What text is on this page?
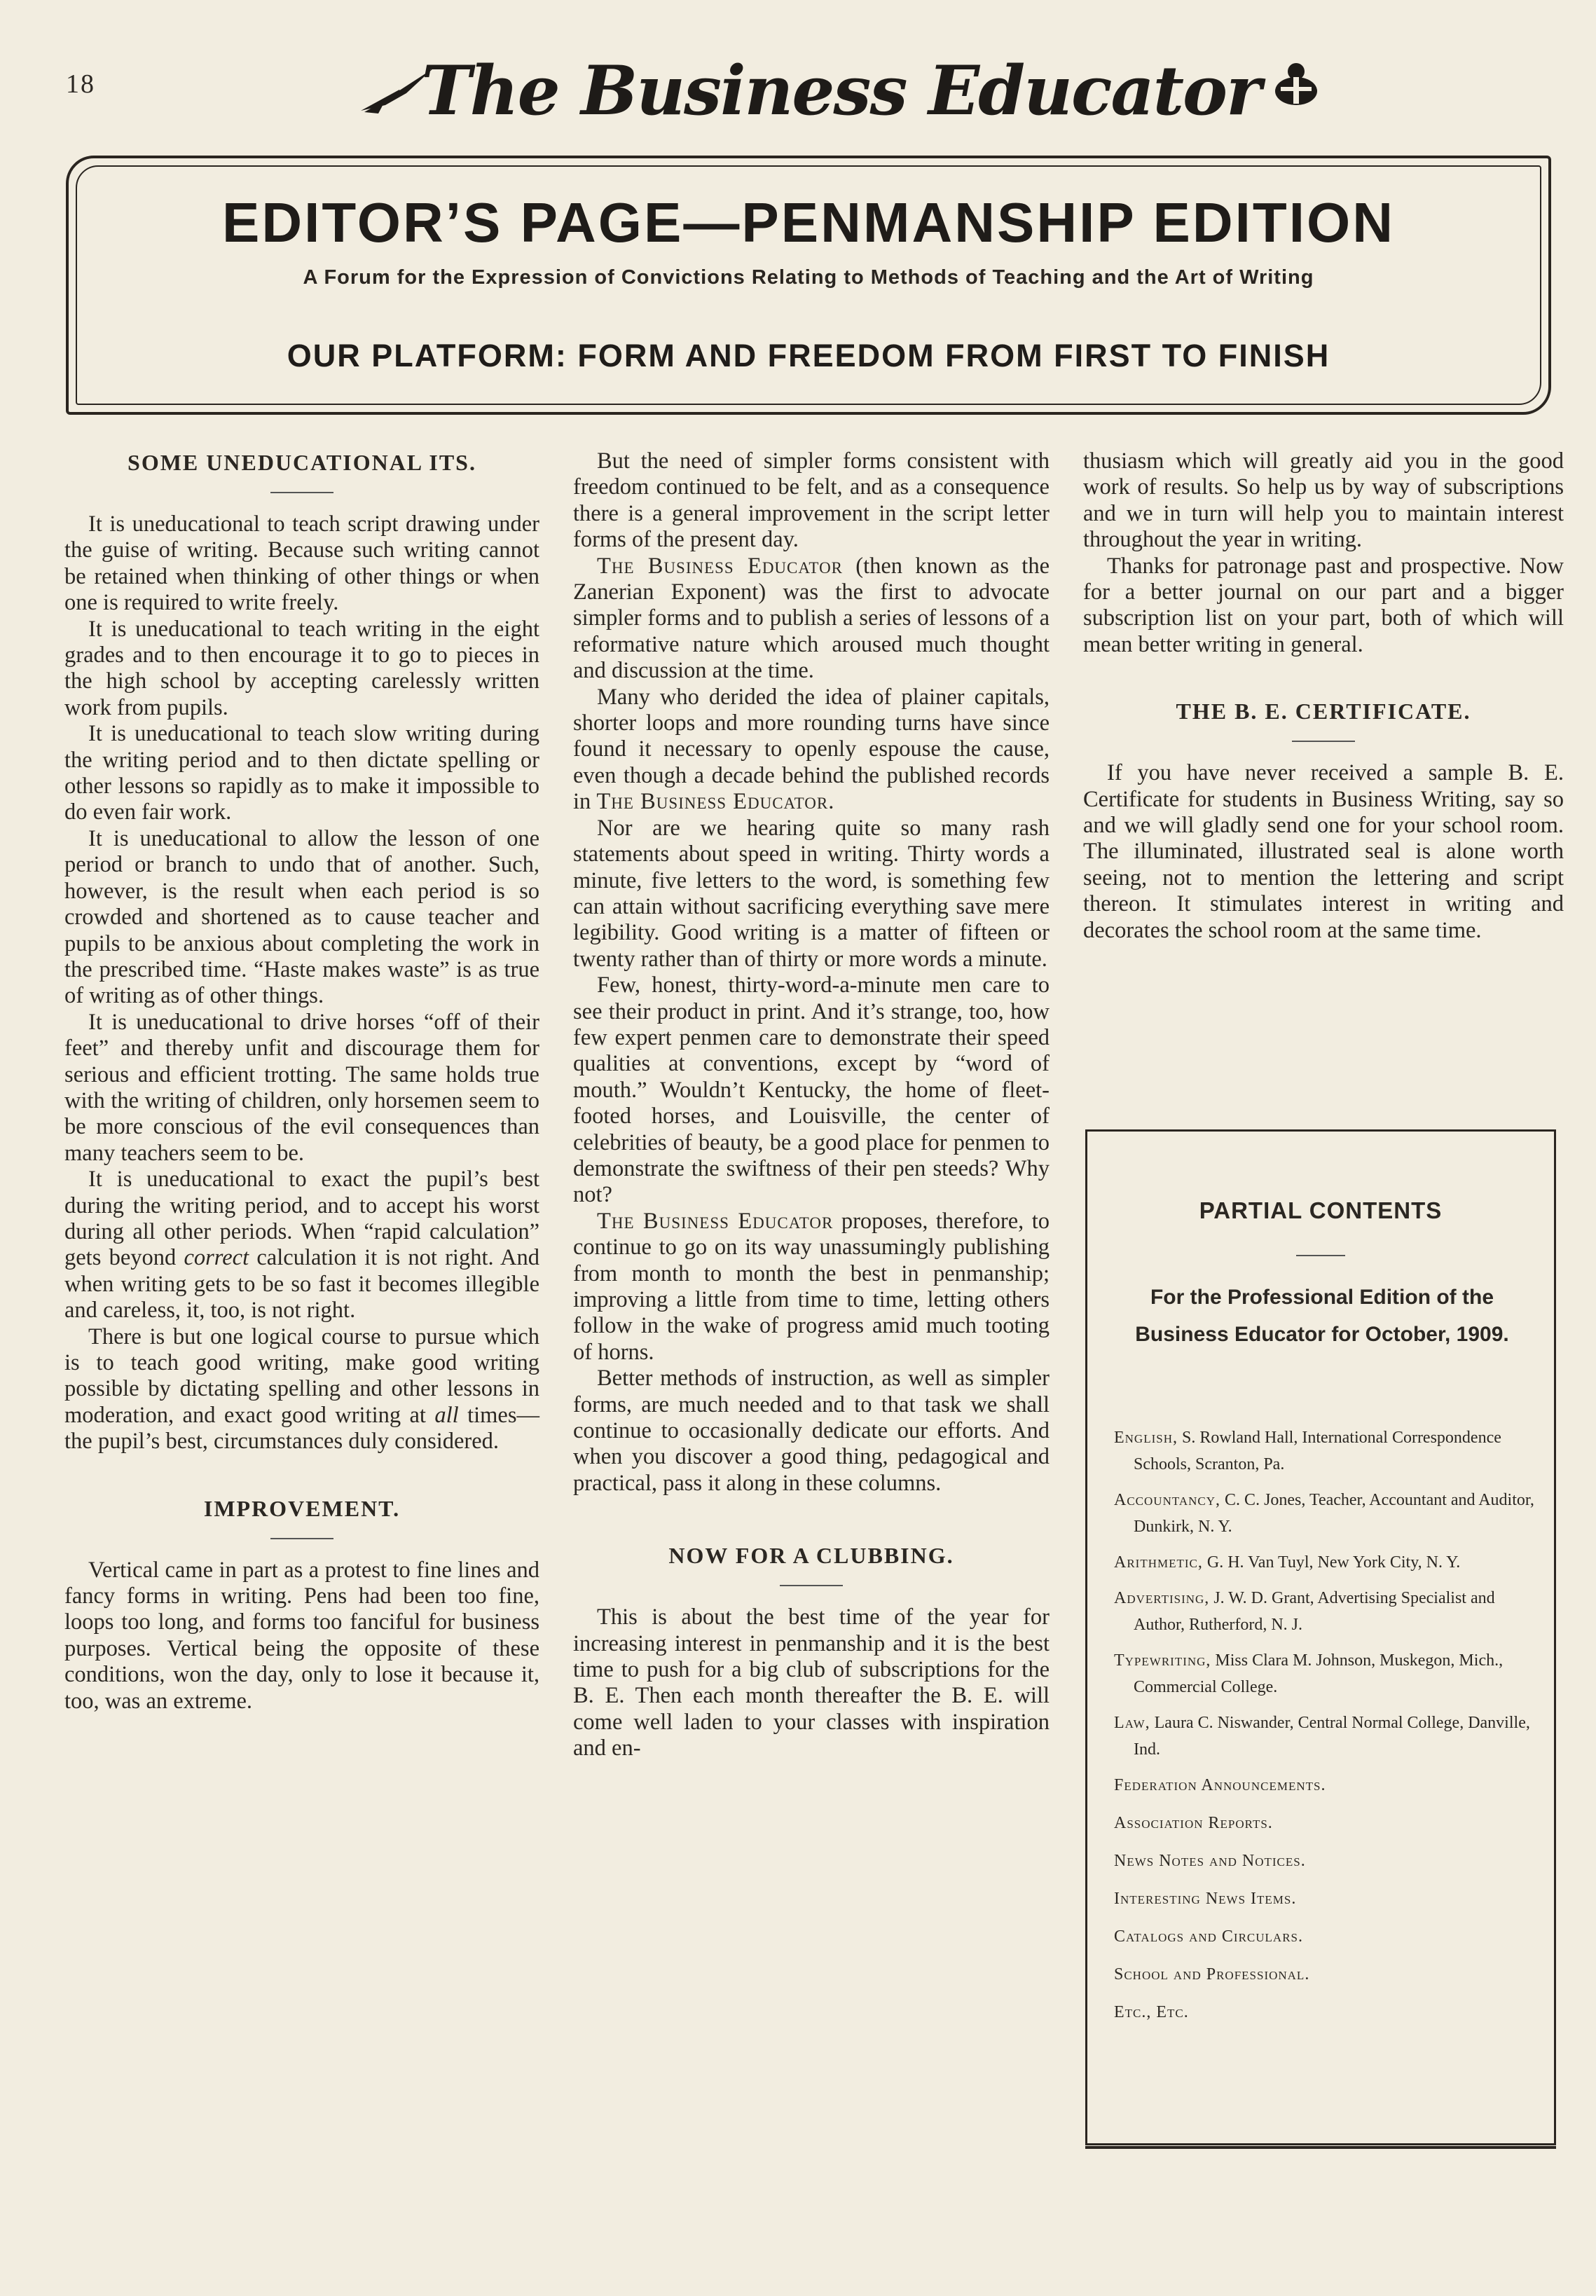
18	The Business Educator
EDITOR’S PAGE—PENMANSHIP EDITION
A Forum for the Expression of Convictions Relating to Methods of Teaching and the Art of Writing
OUR PLATFORM: FORM AND FREEDOM FROM FIRST TO FINISH
SOME UNEDUCATIONAL ITS.

It is uneducational to teach script drawing under the guise of writing. Because such writing cannot be retained when thinking of other things or when one is required to write freely.

It is uneducational to teach writing in the eight grades and to then encourage it to go to pieces in the high school by accepting carelessly written work from pupils.

It is uneducational to teach slow writing during the writing period and to then dictate spelling or other lessons so rapidly as to make it impossible to do even fair work.

It is uneducational to allow the lesson of one period or branch to undo that of another. Such, however, is the result when each period is so crowded and shortened as to cause teacher and pupils to be anxious about completing the work in the prescribed time. “Haste makes waste” is as true of writing as of other things.

It is uneducational to drive horses “off of their feet” and thereby unfit and discourage them for serious and efficient trotting. The same holds true with the writing of children, only horsemen seem to be more conscious of the evil consequences than many teachers seem to be.

It is uneducational to exact the pupil’s best during the writing period, and to accept his worst during all other periods. When “rapid calculation” gets beyond correct calculation it is not right. And when writing gets to be so fast it becomes illegible and careless, it, too, is not right.

There is but one logical course to pursue which is to teach good writing, make good writing possible by dictating spelling and other lessons in moderation, and exact good writing at all times—the pupil’s best, circumstances duly considered.

IMPROVEMENT.

Vertical came in part as a protest to fine lines and fancy forms in writing. Pens had been too fine, loops too long, and forms too fanciful for business purposes. Vertical being the opposite of these conditions, won the day, only to lose it because it, too, was an extreme.

But the need of simpler forms consistent with freedom continued to be felt, and as a consequence there is a general improvement in the script letter forms of the present day.

The Business Educator (then known as the Zanerian Exponent) was the first to advocate simpler forms and to publish a series of lessons of a reformative nature which aroused much thought and discussion at the time.

Many who derided the idea of plainer capitals, shorter loops and more rounding turns have since found it necessary to openly espouse the cause, even though a decade behind the published records in The Business Educator.

Nor are we hearing quite so many rash statements about speed in writing. Thirty words a minute, five letters to the word, is something few can attain without sacrificing everything save mere legibility. Good writing is a matter of fifteen or twenty rather than of thirty or more words a minute.

Few, honest, thirty-word-a-minute men care to see their product in print. And it’s strange, too, how few expert penmen care to demonstrate their speed qualities at conventions, except by “word of mouth.” Wouldn’t Kentucky, the home of fleet-footed horses, and Louisville, the center of celebrities of beauty, be a good place for penmen to demonstrate the swiftness of their pen steeds? Why not?

The Business Educator proposes, therefore, to continue to go on its way unassumingly publishing from month to month the best in penmanship; improving a little from time to time, letting others follow in the wake of progress amid much tooting of horns.

Better methods of instruction, as well as simpler forms, are much needed and to that task we shall continue to occasionally dedicate our efforts. And when you discover a good thing, pedagogical and practical, pass it along in these columns.

NOW FOR A CLUBBING.

This is about the best time of the year for increasing interest in penmanship and it is the best time to push for a big club of subscriptions for the B. E. Then each month thereafter the B. E. will come well laden to your classes with inspiration and en-

thusiasm which will greatly aid you in the good work of results. So help us by way of subscriptions and we in turn will help you to maintain interest throughout the year in writing.

Thanks for patronage past and prospective. Now for a better journal on our part and a bigger subscription list on your part, both of which will mean better writing in general.

THE B. E. CERTIFICATE.

If you have never received a sample B. E. Certificate for students in Business Writing, say so and we will gladly send one for your school room. The illuminated, illustrated seal is alone worth seeing, not to mention the lettering and script thereon. It stimulates interest in writing and decorates the school room at the same time.

PARTIAL CONTENTS
For the Professional Edition of the Business Educator for October, 1909.
English, S. Rowland Hall, International Correspondence Schools, Scranton, Pa.
Accountancy, C. C. Jones, Teacher, Accountant and Auditor, Dunkirk, N. Y.
Arithmetic, G. H. Van Tuyl, New York City, N. Y.
Advertising, J. W. D. Grant, Advertising Specialist and Author, Rutherford, N. J.
Typewriting, Miss Clara M. Johnson, Muskegon, Mich., Commercial College.
Law, Laura C. Niswander, Central Normal College, Danville, Ind.
Federation Announcements.
Association Reports.
News Notes and Notices.
Interesting News Items.
Catalogs and Circulars.
School and Professional.
Etc., Etc.
